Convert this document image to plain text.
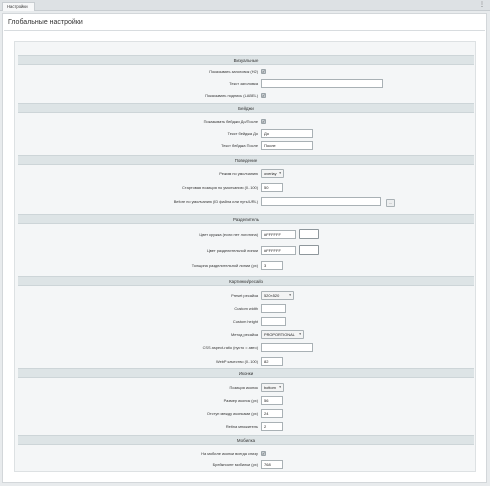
Настройки	⋮
Глобальные настройки
Визуальные
Показывать заголовок (H2) ✓
Текст заголовка
Показывать подпись (LABEL) ✓
Бейджи
Показывать бейджи До/После ✓
Текст бейджа До	До
Текст бейджа После	После
Поведение
Режим по умолчанию	overlay ▾
Стартовая позиция по умолчанию (0..100)	50
Before по умолчанию (ID файла или путь/URL)	...
Разделитель
Цвет кружка (если нет логотипа)	#FFFFFF
Цвет разделительной линии	#FFFFFF
Толщина разделительной линии (px)	3
Картинки/ресайз
Preset ресайза	520×520	▾
Custom width
Custom height
Метод ресайза	PROPORTIONAL ▾
CSS aspect-ratio (пусто = авто)
WebP качество (0..100)	82
Иконки
Позиция иконок	bottom ▾
Размер иконок (px)	56
Отступ между иконками (px)	24
Retina множитель	2
Мобилка
На мобиле иконки всегда снизу ✓
Брейкпоинт мобилки (px)	768
